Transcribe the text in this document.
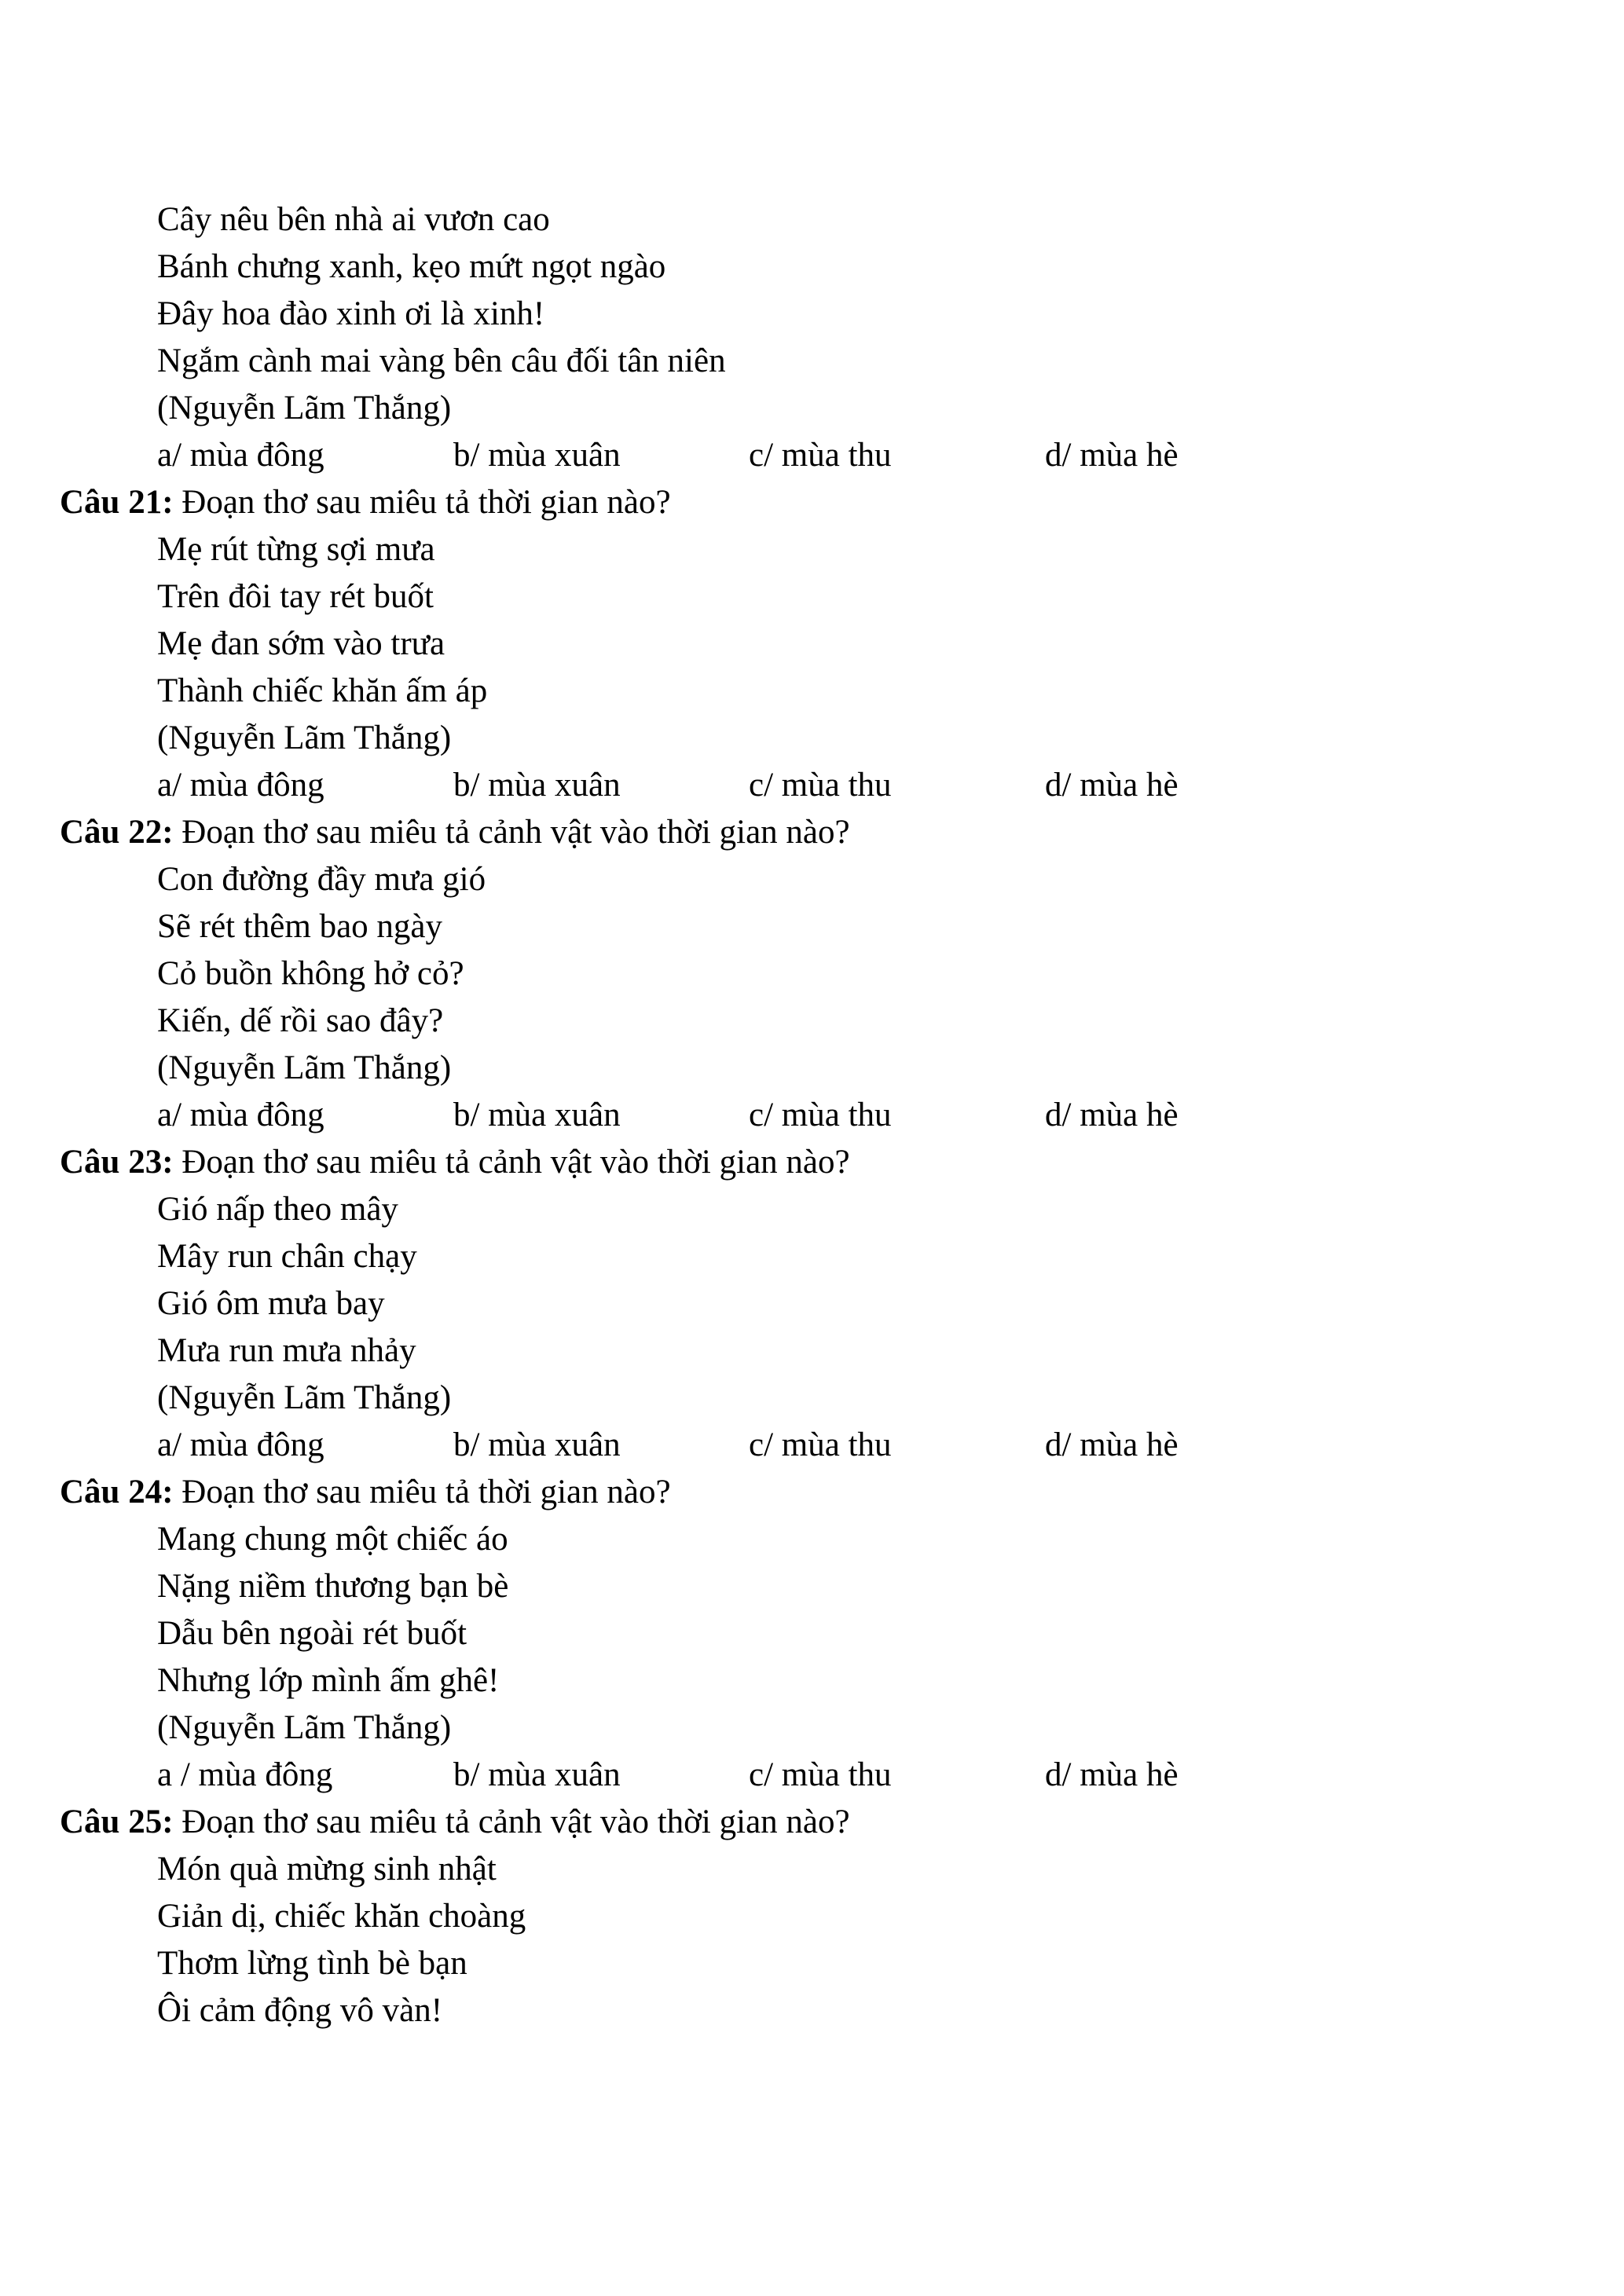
Cây nêu bên nhà ai vươn cao
Bánh chưng xanh, kẹo mứt ngọt ngào
Đây hoa đào xinh ơi là xinh!
Ngắm cành mai vàng bên câu đối tân niên
(Nguyễn Lãm Thắng)
a/ mùa đông	b/ mùa xuân	c/ mùa thu	d/ mùa hè
Câu 21: Đoạn thơ sau miêu tả thời gian nào?
Mẹ rút từng sợi mưa
Trên đôi tay rét buốt
Mẹ đan sớm vào trưa
Thành chiếc khăn ấm áp
(Nguyễn Lãm Thắng)
a/ mùa đông	b/ mùa xuân	c/ mùa thu	d/ mùa hè
Câu 22: Đoạn thơ sau miêu tả cảnh vật vào thời gian nào?
Con đường đầy mưa gió
Sẽ rét thêm bao ngày
Cỏ buồn không hở cỏ?
Kiến, dế rồi sao đây?
(Nguyễn Lãm Thắng)
a/ mùa đông	b/ mùa xuân	c/ mùa thu	d/ mùa hè
Câu 23: Đoạn thơ sau miêu tả cảnh vật vào thời gian nào?
Gió nấp theo mây
Mây run chân chạy
Gió ôm mưa bay
Mưa run mưa nhảy
(Nguyễn Lãm Thắng)
a/ mùa đông	b/ mùa xuân	c/ mùa thu	d/ mùa hè
Câu 24: Đoạn thơ sau miêu tả thời gian nào?
Mang chung một chiếc áo
Nặng niềm thương bạn bè
Dẫu bên ngoài rét buốt
Nhưng lớp mình ấm ghê!
(Nguyễn Lãm Thắng)
a / mùa đông	b/ mùa xuân	c/ mùa thu	d/ mùa hè
Câu 25: Đoạn thơ sau miêu tả cảnh vật vào thời gian nào?
Món quà mừng sinh nhật
Giản dị, chiếc khăn choàng
Thơm lừng tình bè bạn
Ôi cảm động vô vàn!
